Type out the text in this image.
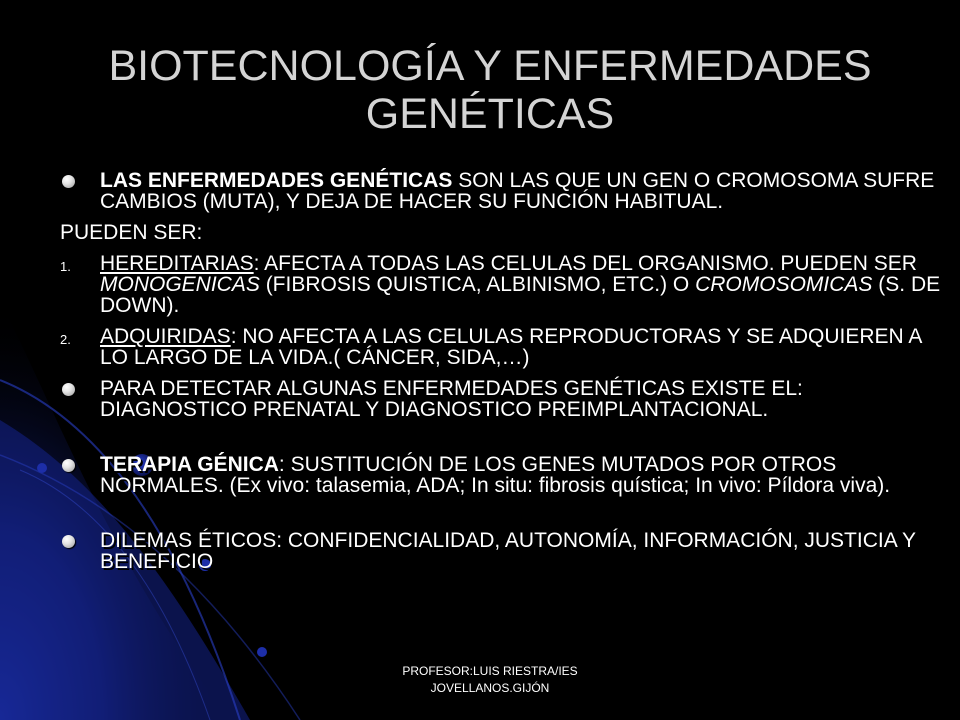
BIOTECNOLOGÍA Y ENFERMEDADES
GENÉTICAS
LAS ENFERMEDADES GENÉTICAS SON LAS QUE UN GEN O CROMOSOMA SUFRE CAMBIOS (MUTA), Y DEJA DE HACER SU FUNCIÓN HABITUAL.
PUEDEN SER:
1. HEREDITARIAS: AFECTA A TODAS LAS CELULAS DEL ORGANISMO. PUEDEN SER MONOGENICAS (FIBROSIS QUISTICA, ALBINISMO, ETC.) O CROMOSOMICAS (S. DE DOWN).
2. ADQUIRIDAS: NO AFECTA A LAS CELULAS REPRODUCTORAS Y SE ADQUIEREN A LO LARGO DE LA VIDA.( CÁNCER, SIDA,…)
PARA DETECTAR ALGUNAS ENFERMEDADES GENÉTICAS EXISTE EL: DIAGNOSTICO PRENATAL Y DIAGNOSTICO PREIMPLANTACIONAL.
TERAPIA GÉNICA: SUSTITUCIÓN DE LOS GENES MUTADOS POR OTROS NORMALES. (Ex vivo: talasemia, ADA; In situ: fibrosis quística; In vivo: Píldora viva).
DILEMAS ÉTICOS: CONFIDENCIALIDAD, AUTONOMÍA, INFORMACIÓN, JUSTICIA Y BENEFICIO
PROFESOR:LUIS RIESTRA/IES
JOVELLANOS.GIJÓN
